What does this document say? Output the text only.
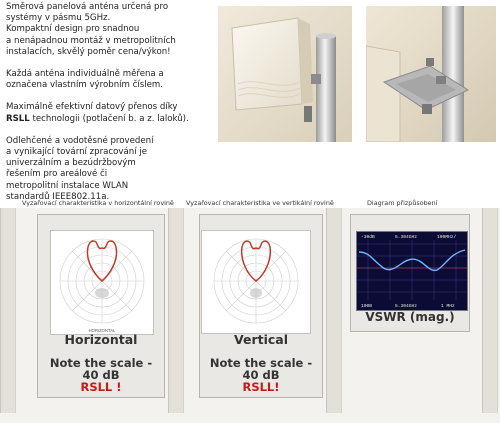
Směrová panelová anténa určená pro
systémy v pásmu 5GHz.
Kompaktní design pro snadnou
a nenápadnou montáž v metropolitních
instalacích, skvělý poměr cena/výkon!

Každá anténa individuálně měřena a
označena vlastním výrobním číslem.

Maximálně efektivní datový přenos díky
RSLL technologii (potlačení b. a z. laloků).

Odlehčené a vodotěsné provedení
a vynikající tovární zpracování je
univerzálním a bezúdržbovým
řešením pro areálové či
metropolitní instalace WLAN
standardů IEEE802.11a.

Vyzařovací charakteristika v horizontální rovině Vyzařovací charakteristika ve vertikální rovině	Diagram přizpůsobení
HORIZONTAL
Horizontal
Note the scale -
40 dB
RSLL !
Vertical
Note the scale -
40 dB
RSLL!
-30dB	5.304GHz	100MHz/
100B	5.304GHz	1 MHz
VSWR (mag.)
